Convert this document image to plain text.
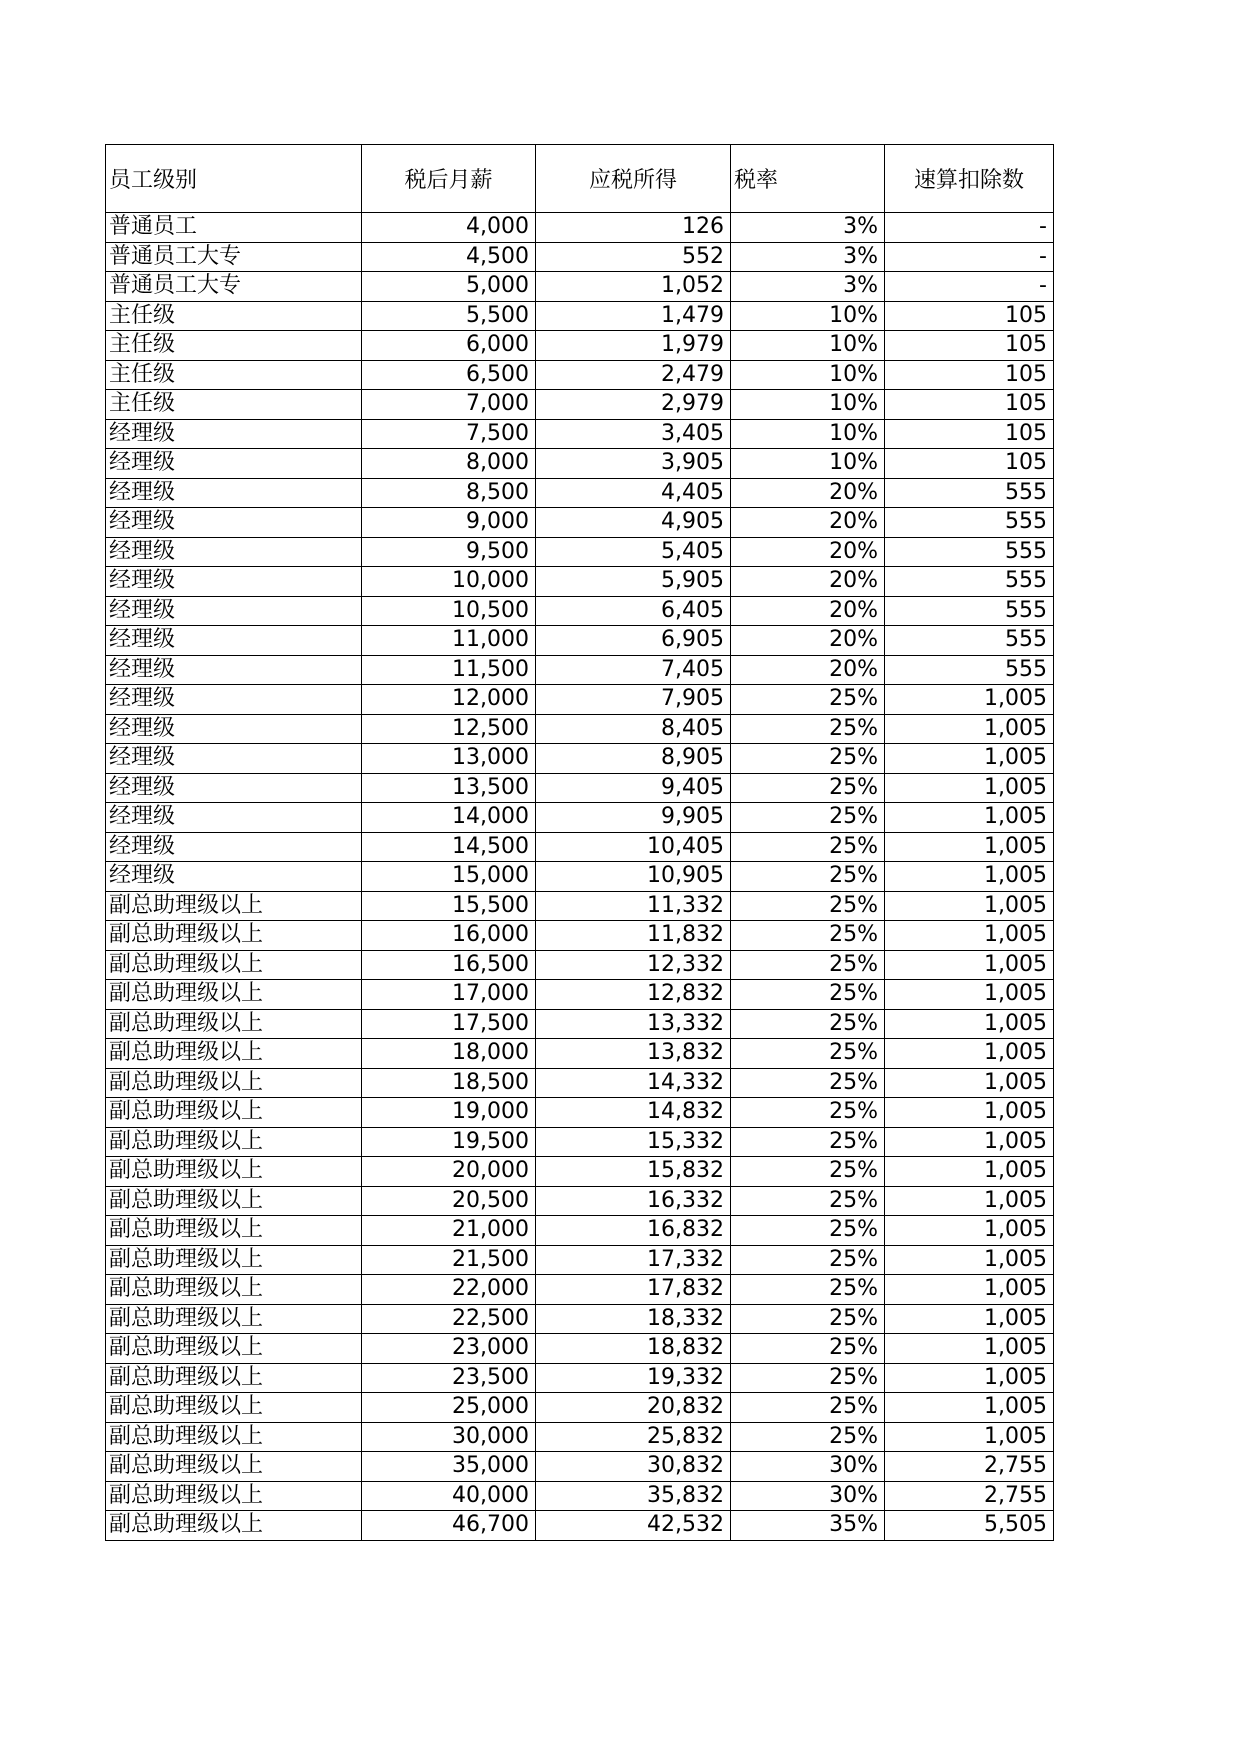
员工级别	税后月薪	应税所得	税率	速算扣除数
普通员工	4,000	126	3%	-
普通员工大专	4,500	552	3%	-
普通员工大专	5,000	1,052	3%	-
主任级	5,500	1,479	10%	105
主任级	6,000	1,979	10%	105
主任级	6,500	2,479	10%	105
主任级	7,000	2,979	10%	105
经理级	7,500	3,405	10%	105
经理级	8,000	3,905	10%	105
经理级	8,500	4,405	20%	555
经理级	9,000	4,905	20%	555
经理级	9,500	5,405	20%	555
经理级	10,000	5,905	20%	555
经理级	10,500	6,405	20%	555
经理级	11,000	6,905	20%	555
经理级	11,500	7,405	20%	555
经理级	12,000	7,905	25%	1,005
经理级	12,500	8,405	25%	1,005
经理级	13,000	8,905	25%	1,005
经理级	13,500	9,405	25%	1,005
经理级	14,000	9,905	25%	1,005
经理级	14,500	10,405	25%	1,005
经理级	15,000	10,905	25%	1,005
副总助理级以上	15,500	11,332	25%	1,005
副总助理级以上	16,000	11,832	25%	1,005
副总助理级以上	16,500	12,332	25%	1,005
副总助理级以上	17,000	12,832	25%	1,005
副总助理级以上	17,500	13,332	25%	1,005
副总助理级以上	18,000	13,832	25%	1,005
副总助理级以上	18,500	14,332	25%	1,005
副总助理级以上	19,000	14,832	25%	1,005
副总助理级以上	19,500	15,332	25%	1,005
副总助理级以上	20,000	15,832	25%	1,005
副总助理级以上	20,500	16,332	25%	1,005
副总助理级以上	21,000	16,832	25%	1,005
副总助理级以上	21,500	17,332	25%	1,005
副总助理级以上	22,000	17,832	25%	1,005
副总助理级以上	22,500	18,332	25%	1,005
副总助理级以上	23,000	18,832	25%	1,005
副总助理级以上	23,500	19,332	25%	1,005
副总助理级以上	25,000	20,832	25%	1,005
副总助理级以上	30,000	25,832	25%	1,005
副总助理级以上	35,000	30,832	30%	2,755
副总助理级以上	40,000	35,832	30%	2,755
副总助理级以上	46,700	42,532	35%	5,505
